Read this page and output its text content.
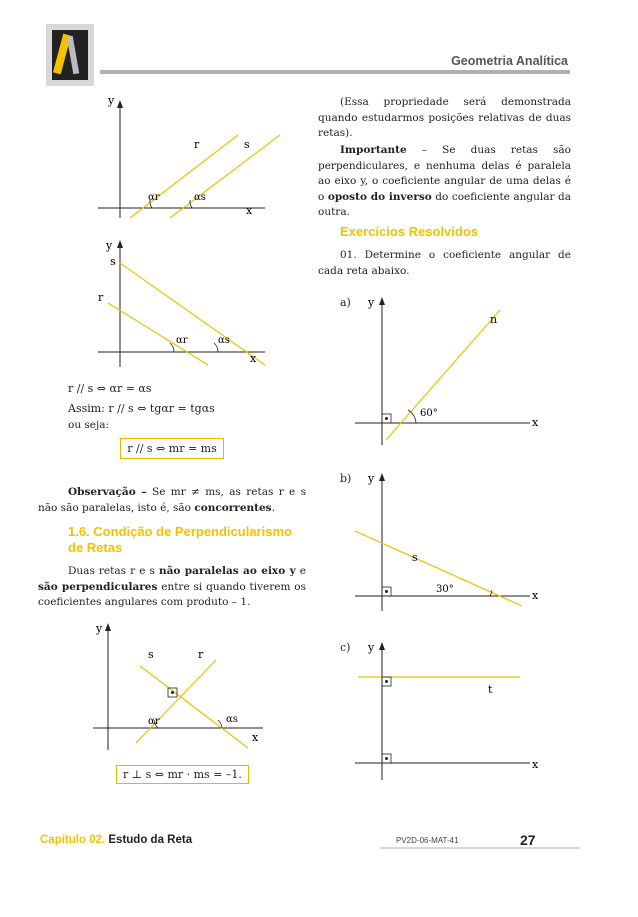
Geometria Analítica
y
x
r	s
αr	αs
y
s
r
x
αr	αs
r // s ⇔ αr = αs
Assim: r // s ⇔ tgαr = tgαs
ou seja:
r // s ⇔ mr = ms
Observação – Se mr ≠ ms, as retas r e s não são paralelas, isto é, são concorrentes.
1.6. Condição de Perpendicularismo de Retas
Duas retas r e s não paralelas ao eixo y e são perpendiculares entre si quando tiverem os coeficientes angulares com produto – 1.
y
x
s	r
αr	αs
r ⊥ s ⇔ mr · ms = –1.
(Essa propriedade será demonstrada quando estudarmos posições relativas de duas retas).
Importante – Se duas retas são perpendiculares, e nenhuma delas é paralela ao eixo y, o coeficiente angular de uma delas é o oposto do inverso do coeficiente angular da outra.
Exercícios Resolvidos
01. Determine o coeficiente angular de cada reta abaixo.
a) y
x
n
60°
b) y
x
s
30°
c) y
x
t
Capítulo 02. Estudo da Reta	PV2D-06-MAT-41	27
